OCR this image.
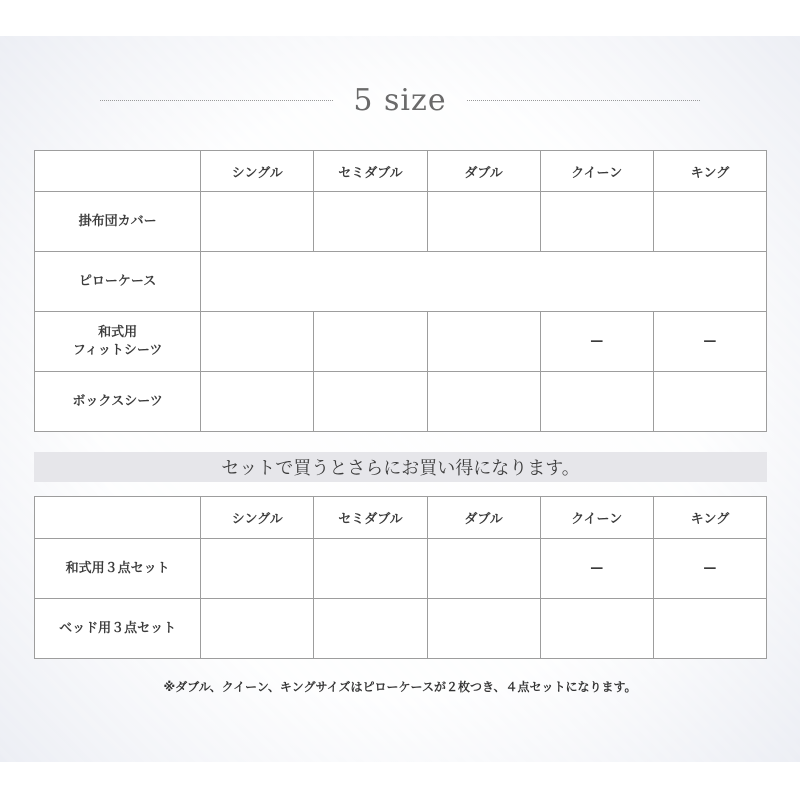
5 size
	シングル	セミダブル	ダブル	クイーン	キング
掛布団カバー					
ピローケース					
和式用
フィットシーツ				—	—
ボックスシーツ					
セットで買うとさらにお買い得になります。
	シングル	セミダブル	ダブル	クイーン	キング
和式用３点セット				—	—
ベッド用３点セット					
※ダブル、クイーン、キングサイズはピローケースが２枚つき、４点セットになります。
